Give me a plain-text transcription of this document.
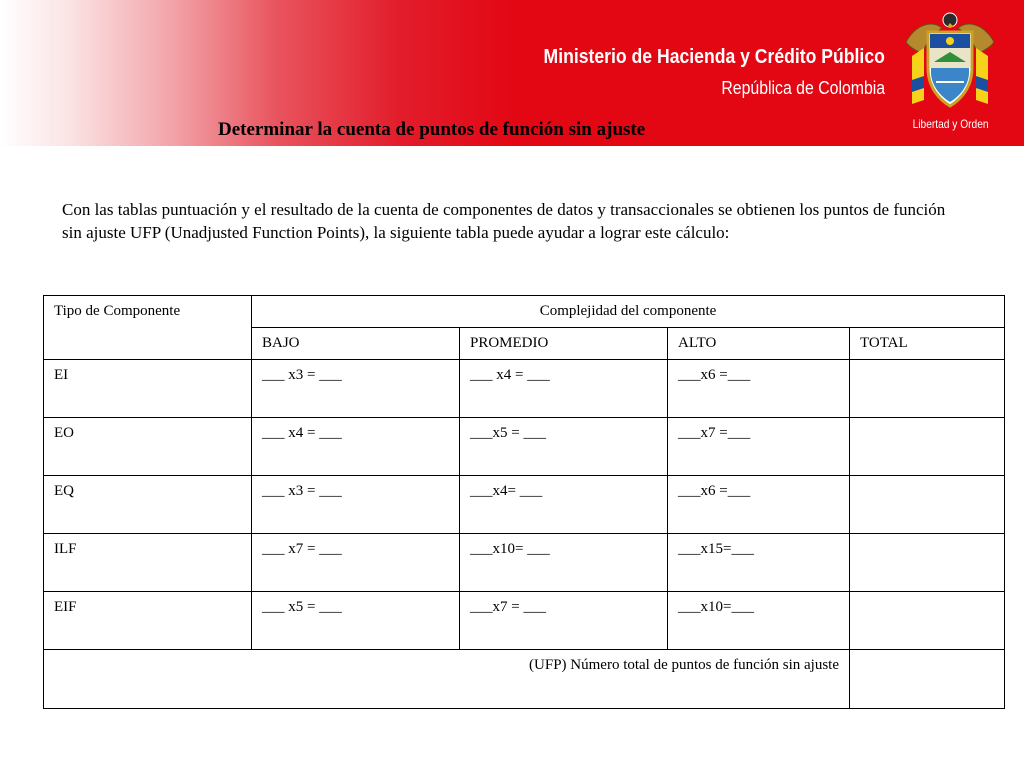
Ministerio de Hacienda y Crédito Público
República de Colombia
Libertad y Orden
Determinar la cuenta de puntos de función sin ajuste
Con las tablas puntuación y el resultado de la cuenta de componentes de datos y transaccionales se obtienen los puntos de función sin ajuste UFP (Unadjusted Function Points), la siguiente tabla puede ayudar a lograr este cálculo:
Tipo de Componente	Complejidad del componente			
	BAJO	PROMEDIO	ALTO	TOTAL
EI	___ x3 = ___	___ x4 = ___	___x6 =___	
EO	___ x4 = ___	___x5 = ___	___x7 =___	
EQ	___ x3 = ___	___x4= ___	___x6 =___	
ILF	___ x7 = ___	___x10= ___	___x15=___	
EIF	___ x5 = ___	___x7 = ___	___x10=___	
(UFP) Número total de puntos de función sin ajuste				
